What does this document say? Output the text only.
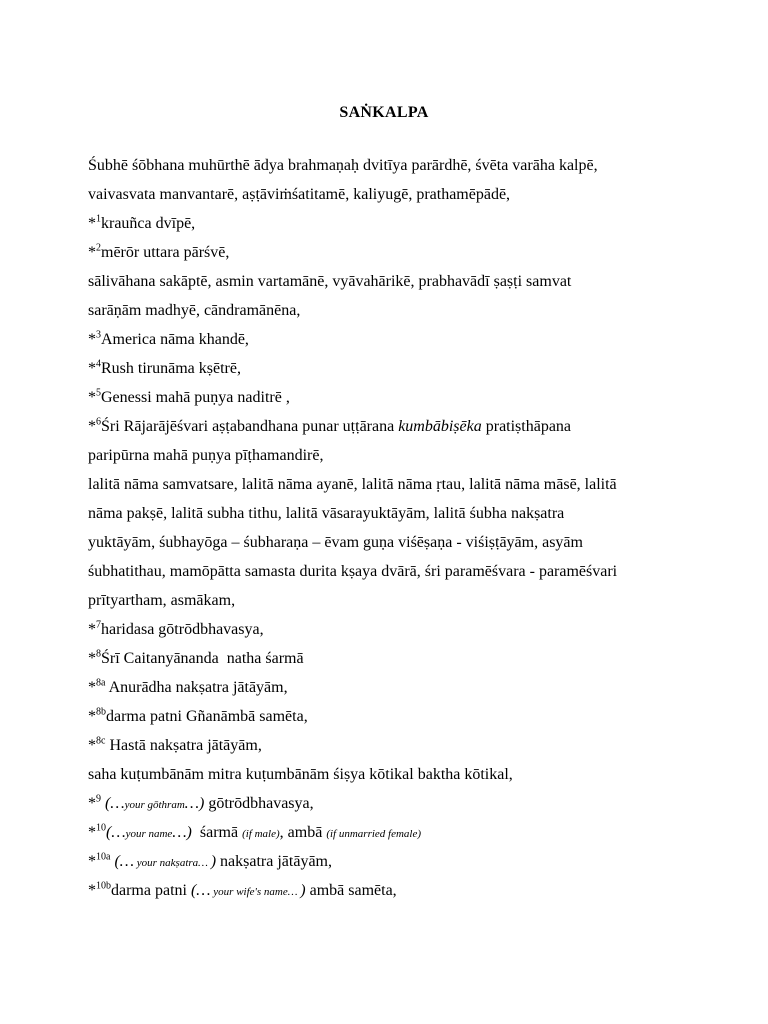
SAṄKALPA
Śubhē śōbhana muhūrthē ādya brahmaṇaḥ dvitīya parārdhē, śvēta varāha kalpē,
vaivasvata manvantarē, aṣṭāviṁśatitamē, kaliyugē, prathamēpādē,
*$^1$krauñca dvīpē,
*$^2$mērōr uttara pārśvē,
sālivāhana sakāptē, asmin vartamānē, vyāvahārikē, prabhavādī ṣaṣṭi samvat
sarāṇām madhyē, cāndramānēna,
*$^3$America nāma khandē,
*$^4$Rush tirunāma kṣētrē,
*$^5$Genessi mahā puṇya naditrē ,
*$^6$Śri Rājarājēśvari aṣṭabandhana punar uṭṭārana kumbābiṣēka pratiṣthāpana
paripūrna mahā puṇya pīṭhamandirē,
lalitā nāma samvatsare, lalitā nāma ayanē, lalitā nāma ṛtau, lalitā nāma māsē, lalitā
nāma pakṣē, lalitā subha tithu, lalitā vāsarayuktāyām, lalitā śubha nakṣatra
yuktāyām, śubhayōga – śubharaṇa – ēvam guṇa viśēṣaṇa - viśiṣṭāyām, asyām
śubhatithau, mamōpātta samasta durita kṣaya dvārā, śri paramēśvara - paramēśvari
prītyartham, asmākam,
*$^7$haridasa gōtrōdbhavasya,
*$^8$Śrī Caitanyānanda  natha śarmā
*$^{8a}$ Anurādha nakṣatra jātāyām,
*$^{8b}$darma patni Gñanāmbā samēta,
*$^{8c}$ Hastā nakṣatra jātāyām,
saha kuṭumbānām mitra kuṭumbānām śiṣya kōtikal baktha kōtikal,
*$^9$ (…your gōthram…) gōtrōdbhavasya,
*$^{10}$(…your name…)  śarmā (if male), ambā (if unmarried female)
*$^{10a}$ (… your nakṣatra… ) nakṣatra jātāyām,
*$^{10b}$darma patni (… your wife's name… ) ambā samēta,
